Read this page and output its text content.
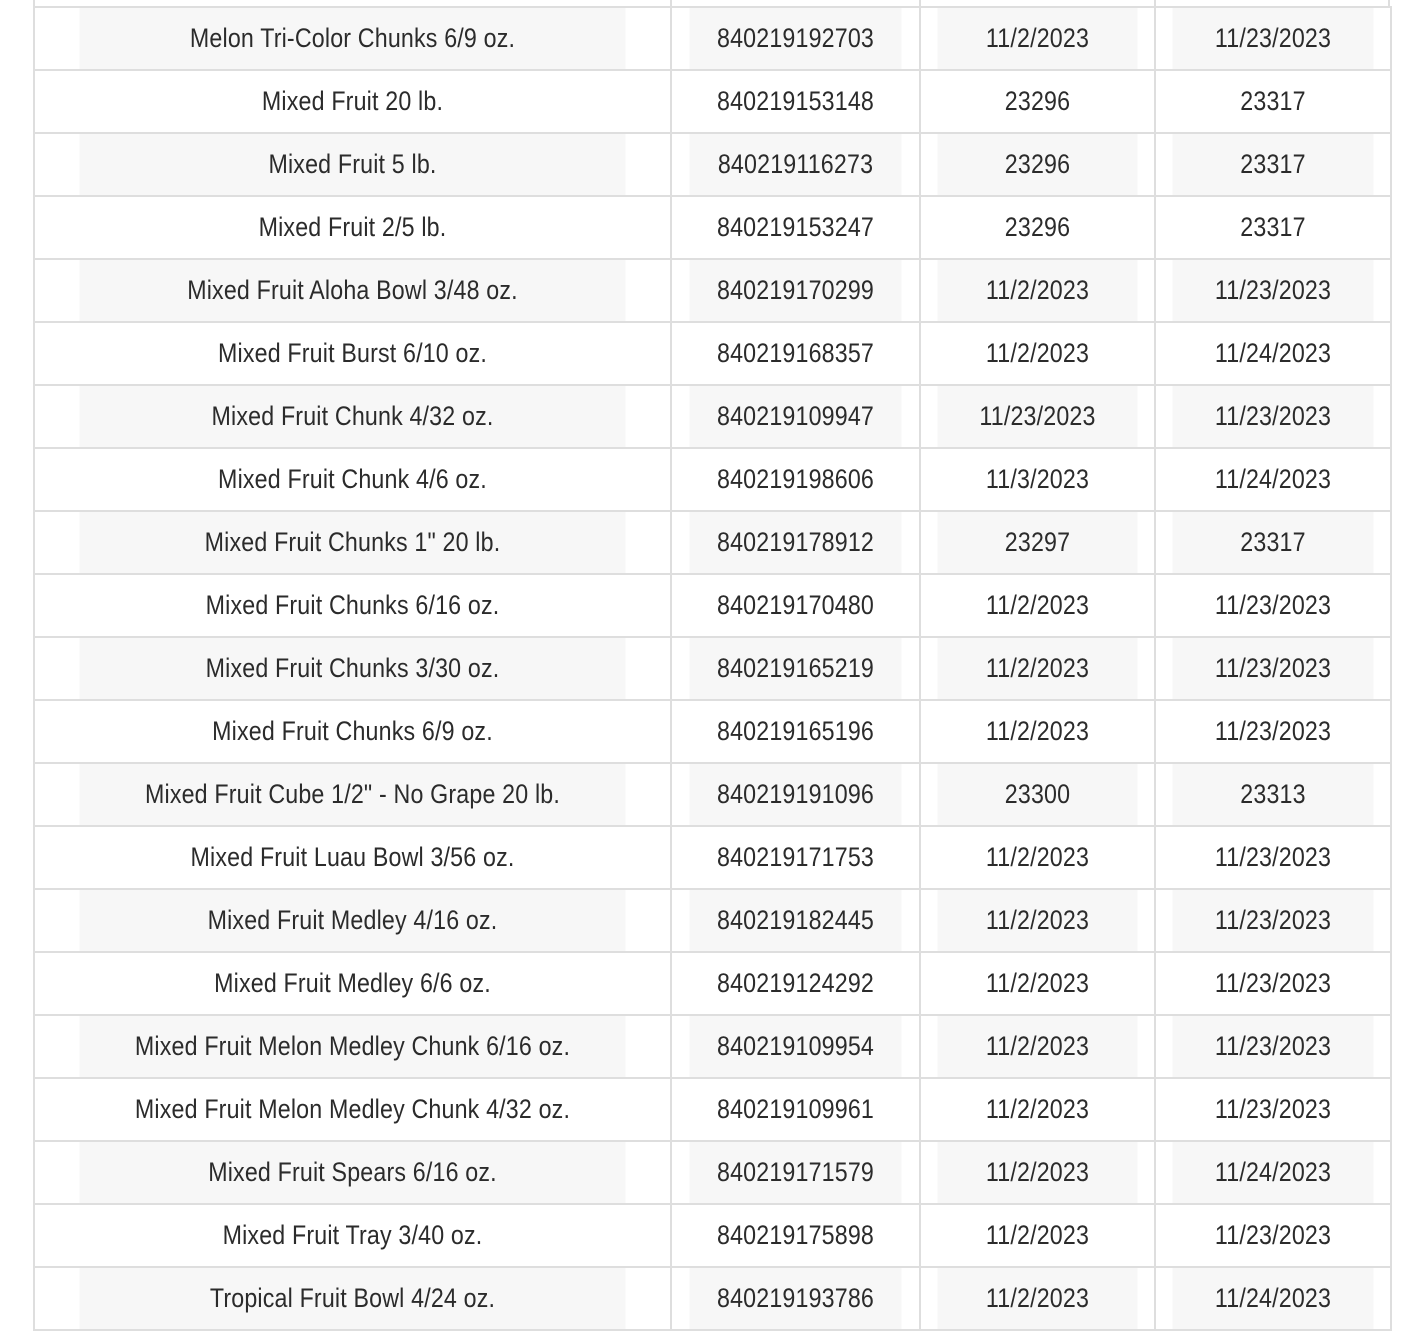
Melon Tri-Color Chunks 6/9 oz.	840219192703	11/2/2023	11/23/2023
Mixed Fruit 20 lb.	840219153148	23296	23317
Mixed Fruit 5 lb.	840219116273	23296	23317
Mixed Fruit 2/5 lb.	840219153247	23296	23317
Mixed Fruit Aloha Bowl 3/48 oz.	840219170299	11/2/2023	11/23/2023
Mixed Fruit Burst 6/10 oz.	840219168357	11/2/2023	11/24/2023
Mixed Fruit Chunk 4/32 oz.	840219109947	11/23/2023	11/23/2023
Mixed Fruit Chunk 4/6 oz.	840219198606	11/3/2023	11/24/2023
Mixed Fruit Chunks 1" 20 lb.	840219178912	23297	23317
Mixed Fruit Chunks 6/16 oz.	840219170480	11/2/2023	11/23/2023
Mixed Fruit Chunks 3/30 oz.	840219165219	11/2/2023	11/23/2023
Mixed Fruit Chunks 6/9 oz.	840219165196	11/2/2023	11/23/2023
Mixed Fruit Cube 1/2" - No Grape 20 lb.	840219191096	23300	23313
Mixed Fruit Luau Bowl 3/56 oz.	840219171753	11/2/2023	11/23/2023
Mixed Fruit Medley 4/16 oz.	840219182445	11/2/2023	11/23/2023
Mixed Fruit Medley 6/6 oz.	840219124292	11/2/2023	11/23/2023
Mixed Fruit Melon Medley Chunk 6/16 oz.	840219109954	11/2/2023	11/23/2023
Mixed Fruit Melon Medley Chunk 4/32 oz.	840219109961	11/2/2023	11/23/2023
Mixed Fruit Spears 6/16 oz.	840219171579	11/2/2023	11/24/2023
Mixed Fruit Tray 3/40 oz.	840219175898	11/2/2023	11/23/2023
Tropical Fruit Bowl 4/24 oz.	840219193786	11/2/2023	11/24/2023
